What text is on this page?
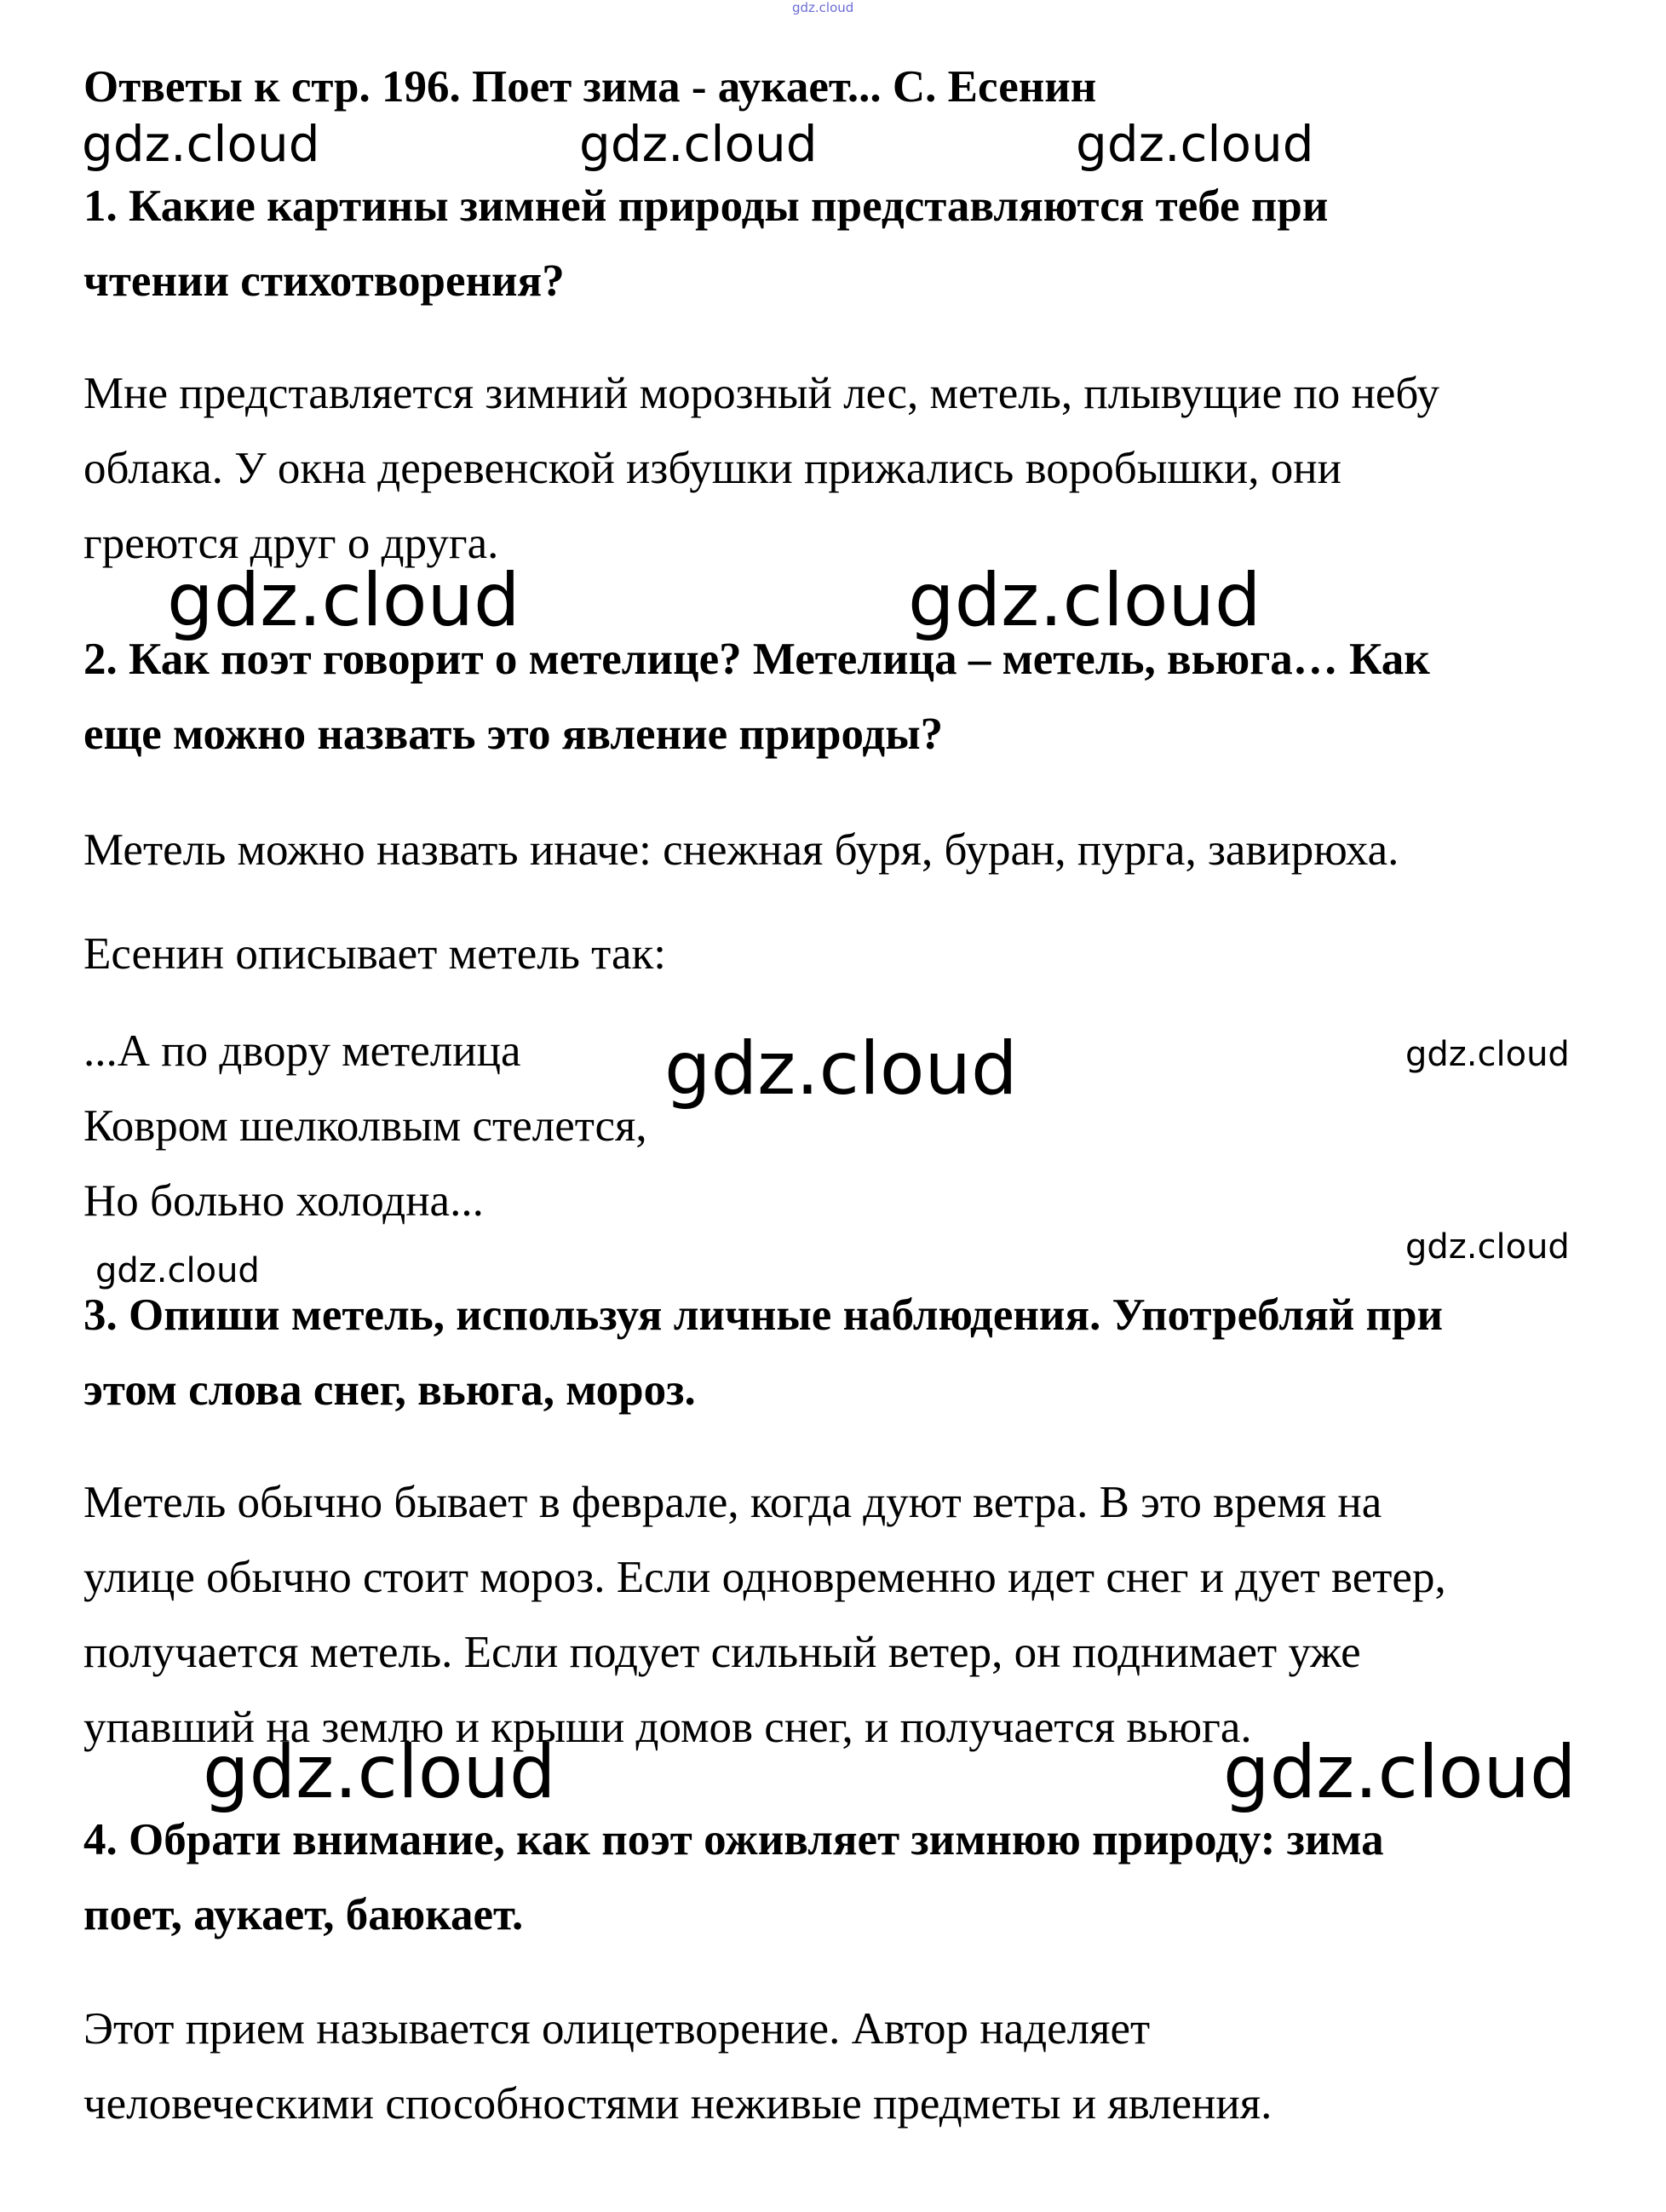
gdz.cloud
Ответы к стр. 196. Поет зима - аукает... С. Есенин
gdz.cloud	gdz.cloud	gdz.cloud
1. Какие картины зимней природы представляются тебе при
чтении стихотворения?
Мне представляется зимний морозный лес, метель, плывущие по небу
облака. У окна деревенской избушки прижались воробышки, они
греются друг о друга.
gdz.cloud	gdz.cloud
2. Как поэт говорит о метелице? Метелица – метель, вьюга… Как
еще можно назвать это явление природы?
Метель можно назвать иначе: снежная буря, буран, пурга, завирюха.
Есенин описывает метель так:
...А по двору метелица
Ковром шелколвым стелется,
Но больно холодна...
gdz.cloud	gdz.cloud
gdz.cloud
gdz.cloud
3. Опиши метель, используя личные наблюдения. Употребляй при
этом слова снег, вьюга, мороз.
Метель обычно бывает в феврале, когда дуют ветра. В это время на
улице обычно стоит мороз. Если одновременно идет снег и дует ветер,
получается метель. Если подует сильный ветер, он поднимает уже
упавший на землю и крыши домов снег, и получается вьюга.
gdz.cloud	gdz.cloud
4. Обрати внимание, как поэт оживляет зимнюю природу: зима
поет, аукает, баюкает.
Этот прием называется олицетворение. Автор наделяет
человеческими способностями неживые предметы и явления.
